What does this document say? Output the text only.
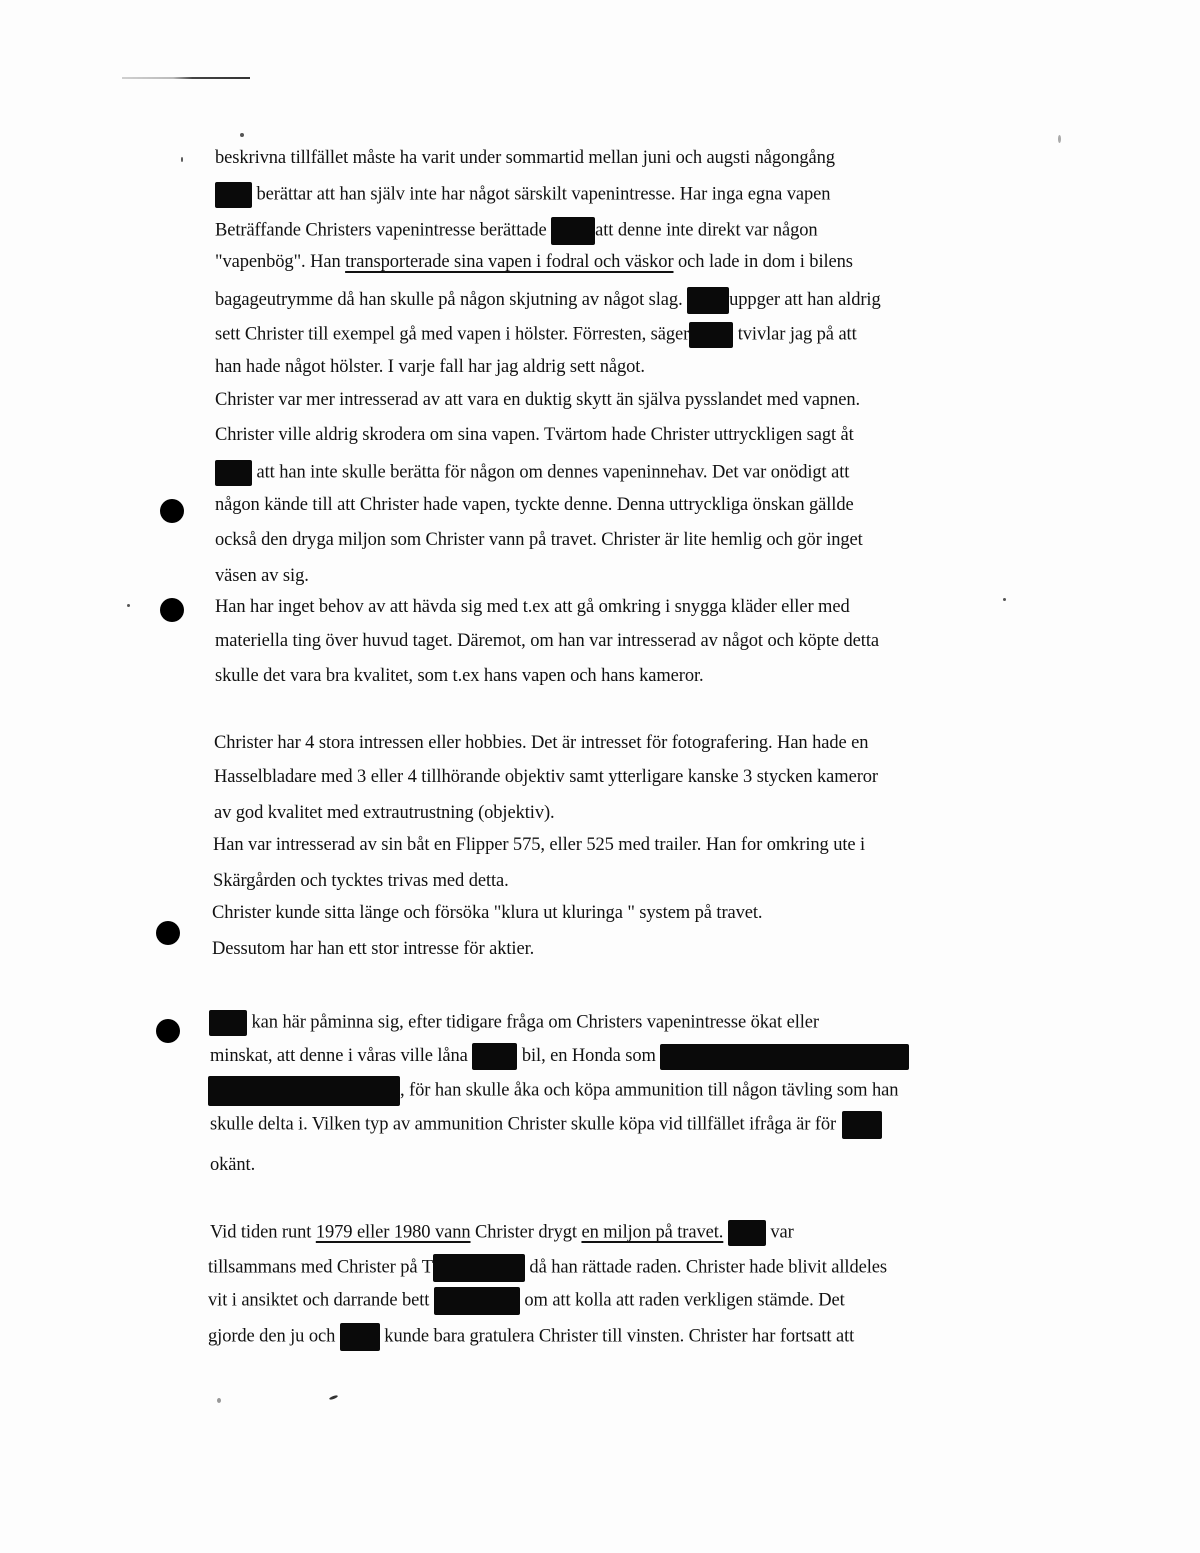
beskrivna tillfället måste ha varit under sommartid mellan juni och augsti någongång
berättar att han själv inte har något särskilt vapenintresse. Har inga egna vapen
Beträffande Christers vapenintresse berättade att denne inte direkt var någon
"vapenbög". Han transporterade sina vapen i fodral och väskor och lade in dom i bilens
bagageutrymme då han skulle på någon skjutning av något slag. uppger att han aldrig
sett Christer till exempel gå med vapen i hölster. Förresten, säger tvivlar jag på att
han hade något hölster. I varje fall har jag aldrig sett något.
Christer var mer intresserad av att vara en duktig skytt än själva pysslandet med vapnen.
Christer ville aldrig skrodera om sina vapen. Tvärtom hade Christer uttryckligen sagt åt
att han inte skulle berätta för någon om dennes vapeninnehav. Det var onödigt att
någon kände till att Christer hade vapen, tyckte denne. Denna uttryckliga önskan gällde
också den dryga miljon som Christer vann på travet. Christer är lite hemlig och gör inget
väsen av sig.
Han har inget behov av att hävda sig med t.ex att gå omkring i snygga kläder eller med
materiella ting över huvud taget. Däremot, om han var intresserad av något och köpte detta
skulle det vara bra kvalitet, som t.ex hans vapen och hans kameror.
Christer har 4 stora intressen eller hobbies. Det är intresset för fotografering. Han hade en
Hasselbladare med 3 eller 4 tillhörande objektiv samt ytterligare kanske 3 stycken kameror
av god kvalitet med extrautrustning (objektiv).
Han var intresserad av sin båt en Flipper 575, eller 525 med trailer. Han for omkring ute i
Skärgården och tycktes trivas med detta.
Christer kunde sitta länge och försöka "klura ut kluringa " system på travet.
Dessutom har han ett stor intresse för aktier.
kan här påminna sig, efter tidigare fråga om Christers vapenintresse ökat eller
minskat, att denne i våras ville låna  bil, en Honda som
, för han skulle åka och köpa ammunition till någon tävling som han
skulle delta i. Vilken typ av ammunition Christer skulle köpa vid tillfället ifråga är för
okänt.
Vid tiden runt 1979 eller 1980 vann Christer drygt en miljon på travet.  var
tillsammans med Christer på T	då han rättade raden. Christer hade blivit alldeles
vit i ansiktet och darrande bett	om att kolla att raden verkligen stämde. Det
gjorde den ju och  kunde bara gratulera Christer till vinsten. Christer har fortsatt att
